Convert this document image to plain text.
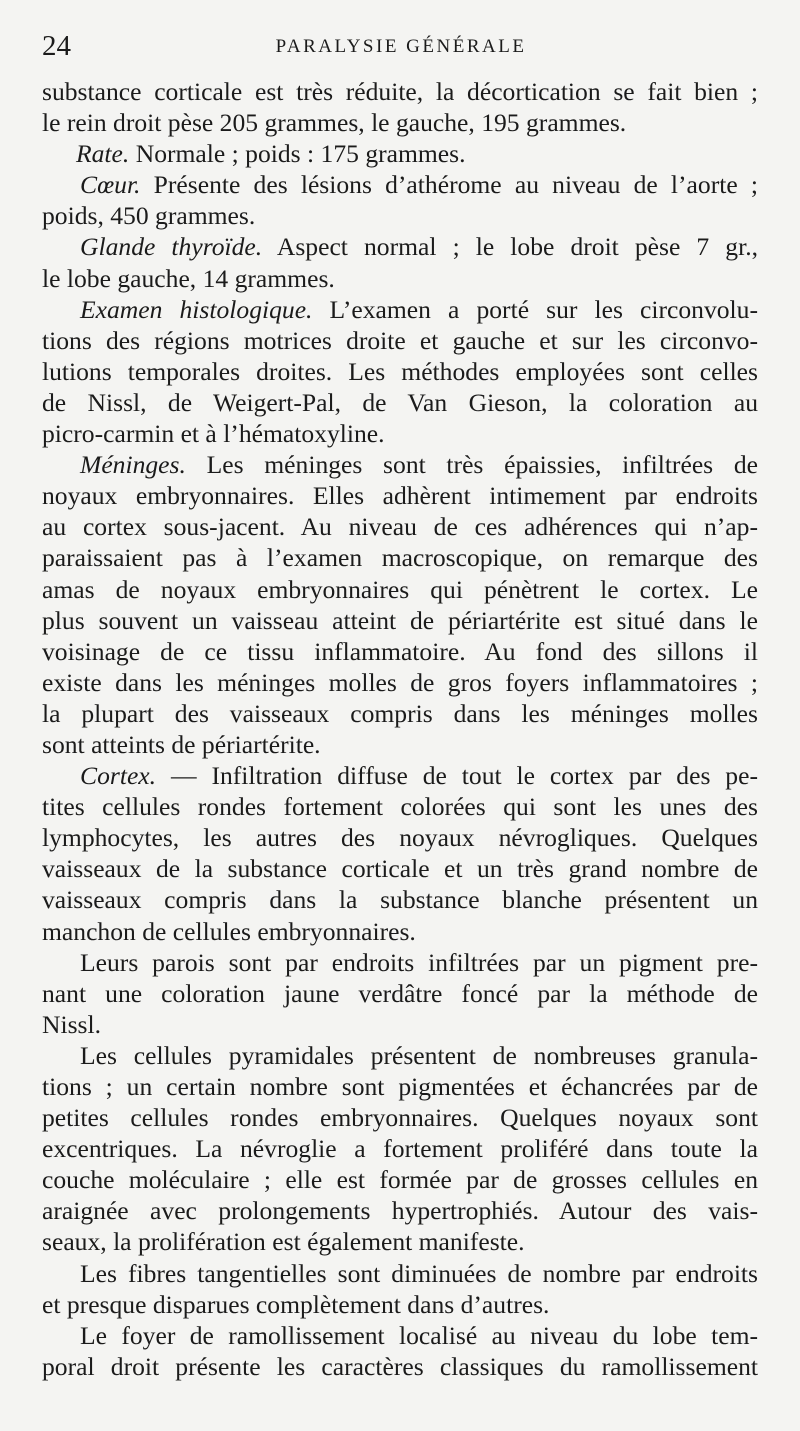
24	PARALYSIE GÉNÉRALE
substance corticale est très réduite, la décortication se fait bien ;
le rein droit pèse 205 grammes, le gauche, 195 grammes.
Rate. Normale ; poids : 175 grammes.
Cœur. Présente des lésions d’athérome au niveau de l’aorte ;
poids, 450 grammes.
Glande thyroïde. Aspect normal ; le lobe droit pèse 7 gr.,
le lobe gauche, 14 grammes.
Examen histologique. L’examen a porté sur les circonvolu-
tions des régions motrices droite et gauche et sur les circonvo-
lutions temporales droites. Les méthodes employées sont celles
de Nissl, de Weigert-Pal, de Van Gieson, la coloration au
picro-carmin et à l’hématoxyline.
Méninges. Les méninges sont très épaissies, infiltrées de
noyaux embryonnaires. Elles adhèrent intimement par endroits
au cortex sous-jacent. Au niveau de ces adhérences qui n’ap-
paraissaient pas à l’examen macroscopique, on remarque des
amas de noyaux embryonnaires qui pénètrent le cortex. Le
plus souvent un vaisseau atteint de périartérite est situé dans le
voisinage de ce tissu inflammatoire. Au fond des sillons il
existe dans les méninges molles de gros foyers inflammatoires ;
la plupart des vaisseaux compris dans les méninges molles
sont atteints de périartérite.
Cortex. — Infiltration diffuse de tout le cortex par des pe-
tites cellules rondes fortement colorées qui sont les unes des
lymphocytes, les autres des noyaux névrogliques. Quelques
vaisseaux de la substance corticale et un très grand nombre de
vaisseaux compris dans la substance blanche présentent un
manchon de cellules embryonnaires.
Leurs parois sont par endroits infiltrées par un pigment pre-
nant une coloration jaune verdâtre foncé par la méthode de
Nissl.
Les cellules pyramidales présentent de nombreuses granula-
tions ; un certain nombre sont pigmentées et échancrées par de
petites cellules rondes embryonnaires. Quelques noyaux sont
excentriques. La névroglie a fortement proliféré dans toute la
couche moléculaire ; elle est formée par de grosses cellules en
araignée avec prolongements hypertrophiés. Autour des vais-
seaux, la prolifération est également manifeste.
Les fibres tangentielles sont diminuées de nombre par endroits
et presque disparues complètement dans d’autres.
Le foyer de ramollissement localisé au niveau du lobe tem-
poral droit présente les caractères classiques du ramollissement
